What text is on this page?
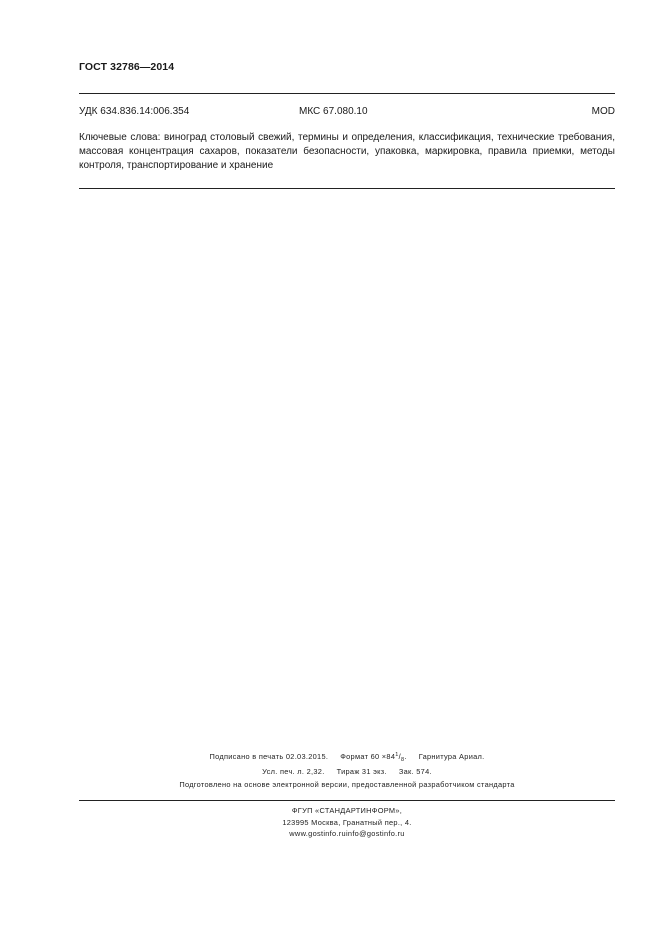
ГОСТ 32786—2014
УДК 634.836.14:006.354	МКС 67.080.10	MOD
Ключевые слова: виноград столовый свежий, термины и определения, классификация, технические требования, массовая концентрация сахаров, показатели безопасности, упаковка, маркировка, правила приемки, методы контроля, транспортирование и хранение
Подписано в печать 02.03.2015. Формат $60 \times 84^1/_8$. Гарнитура Ариал.
Усл. печ. л. 2,32. Тираж 31 экз. Зак. 574.
Подготовлено на основе электронной версии, предоставленной разработчиком стандарта
ФГУП «СТАНДАРТИНФОРМ»,
123995 Москва, Гранатный пер., 4.
www.gostinfo.ruinfo@gostinfo.ru
